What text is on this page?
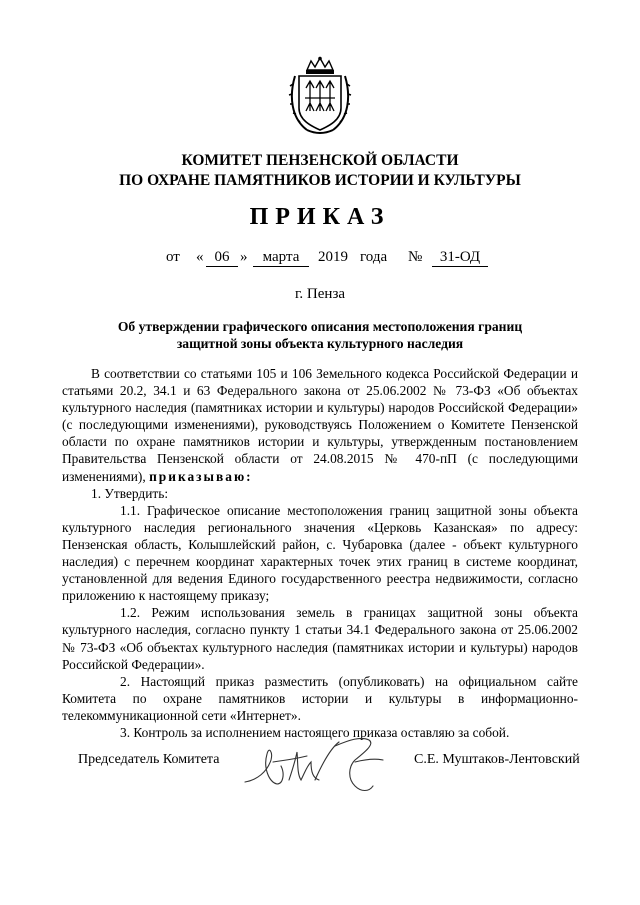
КОМИТЕТ ПЕНЗЕНСКОЙ ОБЛАСТИ
ПО ОХРАНЕ ПАМЯТНИКОВ ИСТОРИИ И КУЛЬТУРЫ
ПРИКАЗ
от « 06 »	марта	2019 года №	31-ОД
г. Пенза
Об утверждении графического описания местоположения границ
защитной зоны объекта культурного наследия

В соответствии со статьями 105 и 106 Земельного кодекса Российской Федерации и статьями 20.2, 34.1 и 63 Федерального закона от 25.06.2002 № 73-ФЗ «Об объектах культурного наследия (памятниках истории и культуры) народов Российской Федерации» (с последующими изменениями), руководствуясь Положением о Комитете Пензенской области по охране памятников истории и культуры, утвержденным постановлением Правительства Пензенской области от 24.08.2015 № 470-пП (с последующими изменениями), приказываю:

1. Утвердить:

1.1. Графическое описание местоположения границ защитной зоны объекта культурного наследия регионального значения «Церковь Казанская» по адресу: Пензенская область, Колышлейский район, с. Чубаровка (далее - объект культурного наследия) с перечнем координат характерных точек этих границ в системе координат, установленной для ведения Единого государственного реестра недвижимости, согласно приложению к настоящему приказу;

1.2. Режим использования земель в границах защитной зоны объекта культурного наследия, согласно пункту 1 статьи 34.1 Федерального закона от 25.06.2002 № 73-ФЗ «Об объектах культурного наследия (памятниках истории и культуры) народов Российской Федерации».

2. Настоящий приказ разместить (опубликовать) на официальном сайте Комитета по охране памятников истории и культуры в информационно-телекоммуникационной сети «Интернет».

3. Контроль за исполнением настоящего приказа оставляю за собой.

Председатель Комитета	С.Е. Муштаков-Лентовский
